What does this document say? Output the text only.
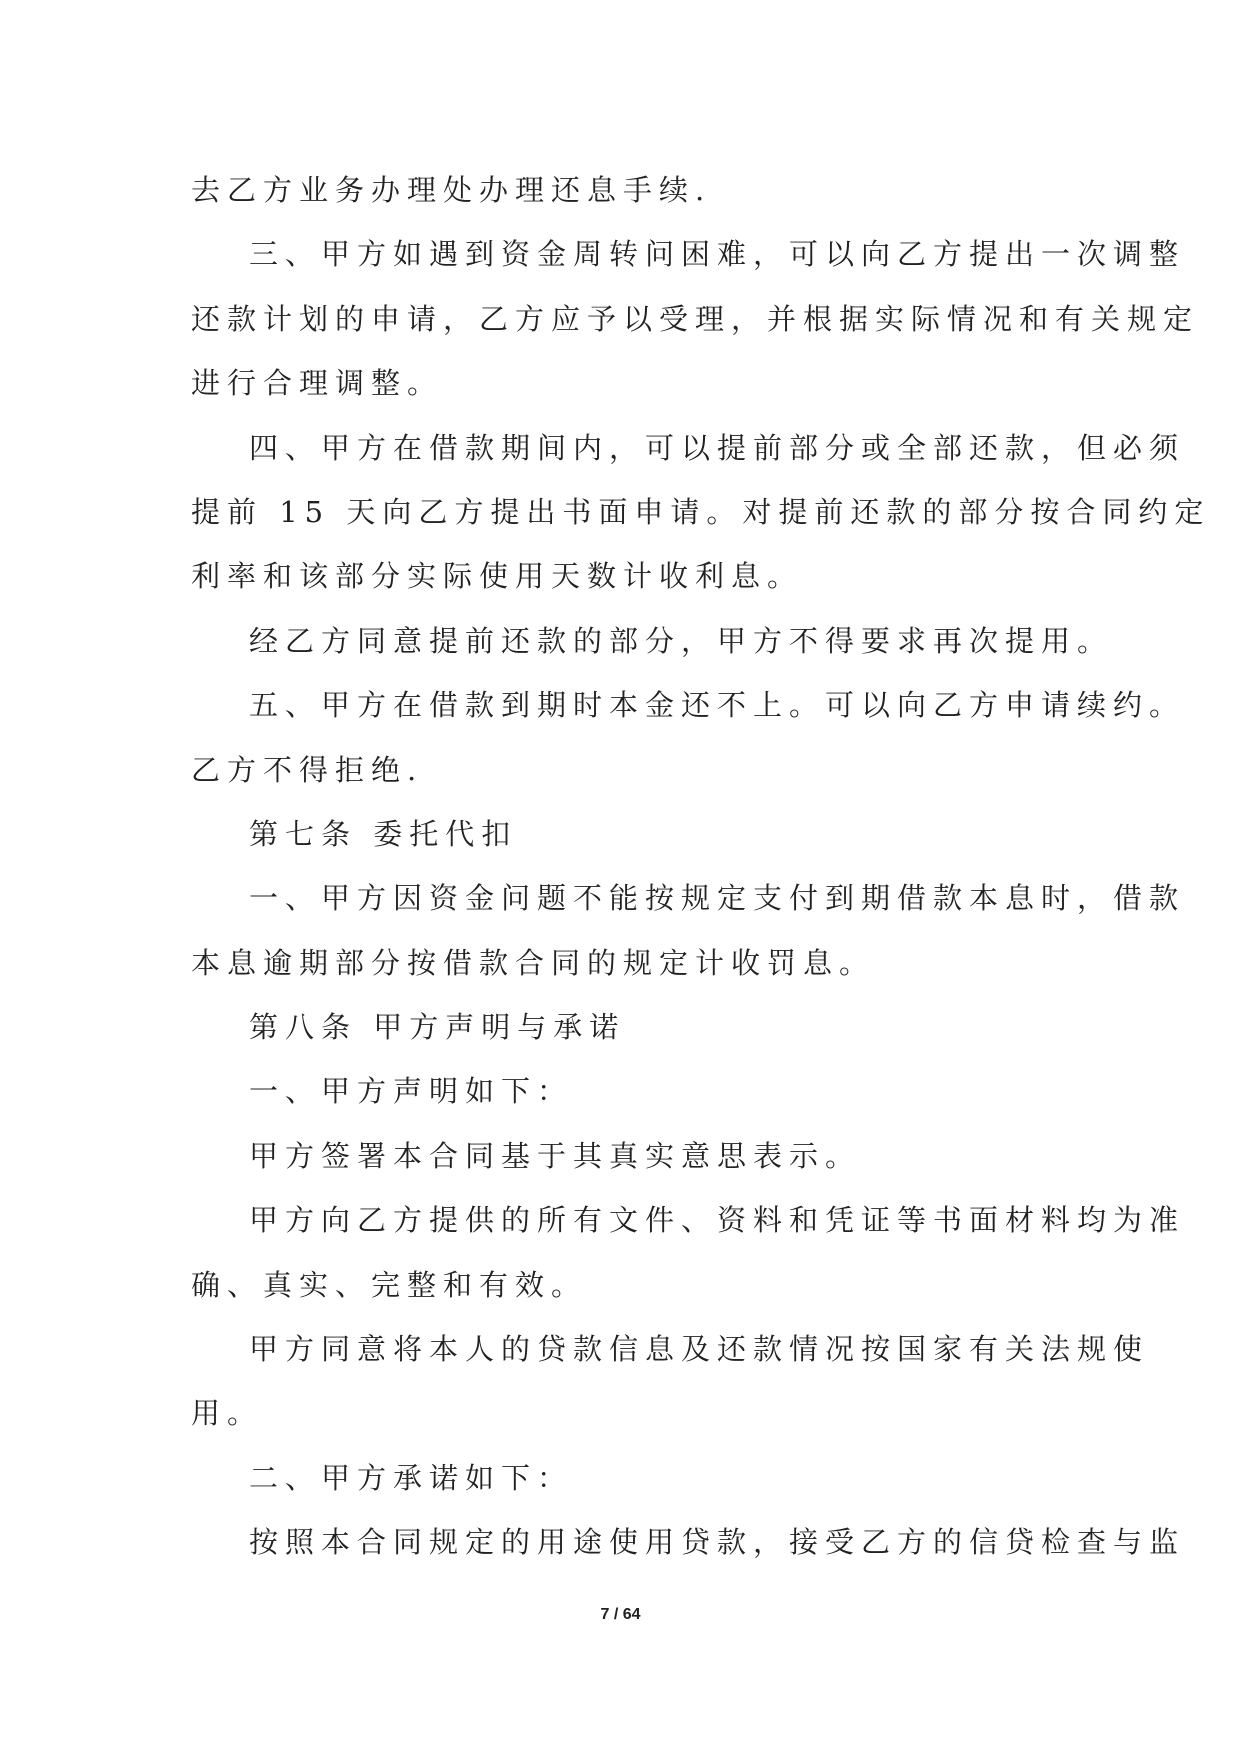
去乙方业务办理处办理还息手续.
三、甲方如遇到资金周转问困难，可以向乙方提出一次调整
还款计划的申请，乙方应予以受理，并根据实际情况和有关规定
进行合理调整。
四、甲方在借款期间内，可以提前部分或全部还款，但必须
提前 15 天向乙方提出书面申请。对提前还款的部分按合同约定
利率和该部分实际使用天数计收利息。
经乙方同意提前还款的部分，甲方不得要求再次提用。
五、甲方在借款到期时本金还不上。可以向乙方申请续约。
乙方不得拒绝.
第七条 委托代扣
一、甲方因资金问题不能按规定支付到期借款本息时，借款
本息逾期部分按借款合同的规定计收罚息。
第八条 甲方声明与承诺
一、甲方声明如下：
甲方签署本合同基于其真实意思表示。
甲方向乙方提供的所有文件、资料和凭证等书面材料均为准
确、真实、完整和有效。
甲方同意将本人的贷款信息及还款情况按国家有关法规使
用。
二、甲方承诺如下：
按照本合同规定的用途使用贷款，接受乙方的信贷检查与监
7 / 64
